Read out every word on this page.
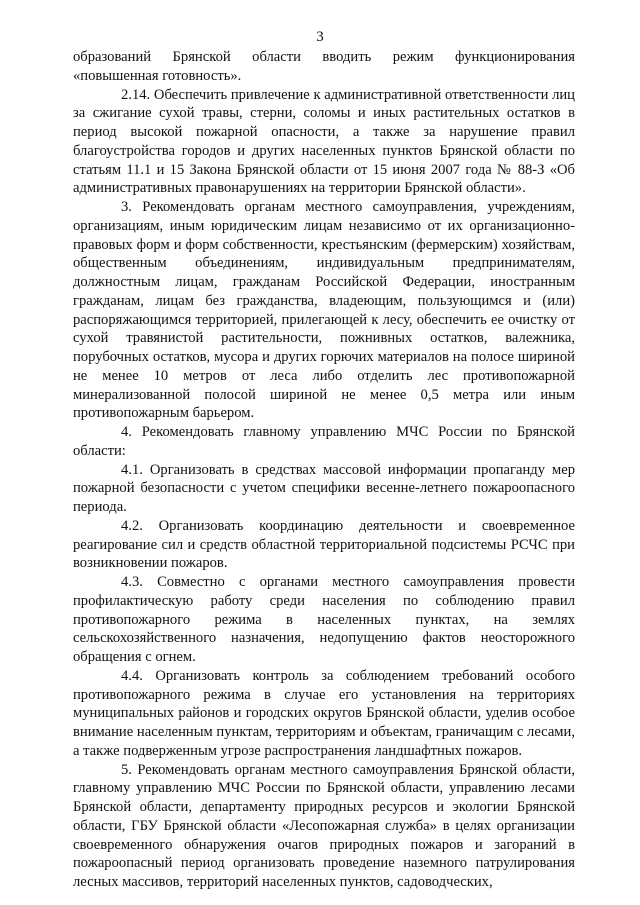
3

образований Брянской области вводить режим функционирования «повышенная готовность».

2.14. Обеспечить привлечение к административной ответственности лиц за сжигание сухой травы, стерни, соломы и иных растительных остатков в период высокой пожарной опасности, а также за нарушение правил благоустройства городов и других населенных пунктов Брянской области по статьям 11.1 и 15 Закона Брянской области от 15 июня 2007 года № 88-З «Об административных правонарушениях на территории Брянской области».

3. Рекомендовать органам местного самоуправления, учреждениям, организациям, иным юридическим лицам независимо от их организационно-правовых форм и форм собственности, крестьянским (фермерским) хозяйствам, общественным объединениям, индивидуальным предпринимателям, должностным лицам, гражданам Российской Федерации, иностранным гражданам, лицам без гражданства, владеющим, пользующимся и (или) распоряжающимся территорией, прилегающей к лесу, обеспечить ее очистку от сухой травянистой растительности, пожнивных остатков, валежника, порубочных остатков, мусора и других горючих материалов на полосе шириной не менее 10 метров от леса либо отделить лес противопожарной минерализованной полосой шириной не менее 0,5 метра или иным противопожарным барьером.

4. Рекомендовать главному управлению МЧС России по Брянской области:

4.1. Организовать в средствах массовой информации пропаганду мер пожарной безопасности с учетом специфики весенне-летнего пожароопасного периода.

4.2. Организовать координацию деятельности и своевременное реагирование сил и средств областной территориальной подсистемы РСЧС при возникновении пожаров.

4.3. Совместно с органами местного самоуправления провести профилактическую работу среди населения по соблюдению правил противопожарного режима в населенных пунктах, на землях сельскохозяйственного назначения, недопущению фактов неосторожного обращения с огнем.

4.4. Организовать контроль за соблюдением требований особого противопожарного режима в случае его установления на территориях муниципальных районов и городских округов Брянской области, уделив особое внимание населенным пунктам, территориям и объектам, граничащим с лесами, а также подверженным угрозе распространения ландшафтных пожаров.

5. Рекомендовать органам местного самоуправления Брянской области, главному управлению МЧС России по Брянской области, управлению лесами Брянской области, департаменту природных ресурсов и экологии Брянской области, ГБУ Брянской области «Лесопожарная служба» в целях организации своевременного обнаружения очагов природных пожаров и загораний в пожароопасный период организовать проведение наземного патрулирования лесных массивов, территорий населенных пунктов, садоводческих,
